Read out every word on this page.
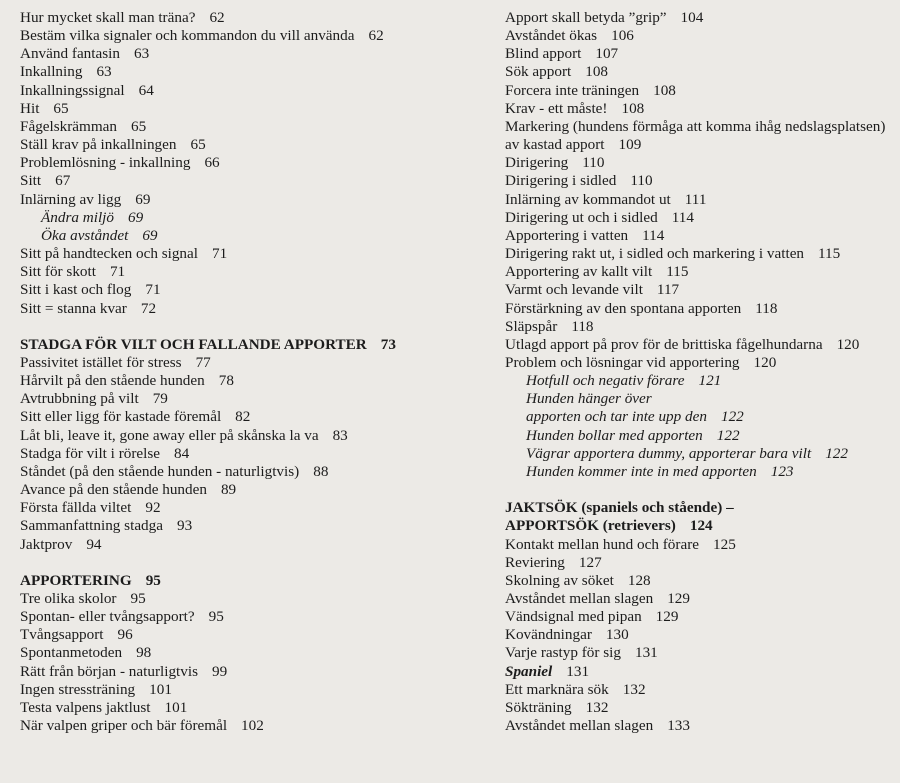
Hur mycket skall man träna? 62
Bestäm vilka signaler och kommandon du vill använda 62
Använd fantasin 63
Inkallning 63
Inkallningssignal 64
Hit 65
Fågelskrämman 65
Ställ krav på inkallningen 65
Problemlösning - inkallning 66
Sitt 67
Inlärning av ligg 69
Ändra miljö 69
Öka avståndet 69
Sitt på handtecken och signal 71
Sitt för skott 71
Sitt i kast och flog 71
Sitt = stanna kvar 72
STADGA FÖR VILT OCH FALLANDE APPORTER 73
Passivitet istället för stress 77
Hårvilt på den stående hunden 78
Avtrubbning på vilt 79
Sitt eller ligg för kastade föremål 82
Låt bli, leave it, gone away eller på skånska la va 83
Stadga för vilt i rörelse 84
Ståndet (på den stående hunden - naturligtvis) 88
Avance på den stående hunden 89
Första fällda viltet 92
Sammanfattning stadga 93
Jaktprov 94
APPORTERING 95
Tre olika skolor 95
Spontan- eller tvångsapport? 95
Tvångsapport 96
Spontanmetoden 98
Rätt från början - naturligtvis 99
Ingen stressträning 101
Testa valpens jaktlust 101
När valpen griper och bär föremål 102
Apport skall betyda ”grip” 104
Avståndet ökas 106
Blind apport 107
Sök apport 108
Forcera inte träningen 108
Krav - ett måste! 108
Markering (hundens förmåga att komma ihåg nedslagsplatsen) av kastad apport 109
Dirigering 110
Dirigering i sidled 110
Inlärning av kommandot ut 111
Dirigering ut och i sidled 114
Apportering i vatten 114
Dirigering rakt ut, i sidled och markering i vatten 115
Apportering av kallt vilt 115
Varmt och levande vilt 117
Förstärkning av den spontana apporten 118
Släpspår 118
Utlagd apport på prov för de brittiska fågelhundarna 120
Problem och lösningar vid apportering 120
Hotfull och negativ förare 121
Hunden hänger över
apporten och tar inte upp den 122
Hunden bollar med apporten 122
Vägrar apportera dummy, apporterar bara vilt 122
Hunden kommer inte in med apporten 123
JAKTSÖK (spaniels och stående) –
APPORTSÖK (retrievers) 124
Kontakt mellan hund och förare 125
Reviering 127
Skolning av söket 128
Avståndet mellan slagen 129
Vändsignal med pipan 129
Kovändningar 130
Varje rastyp för sig 131
Spaniel 131
Ett marknära sök 132
Sökträning 132
Avståndet mellan slagen 133
